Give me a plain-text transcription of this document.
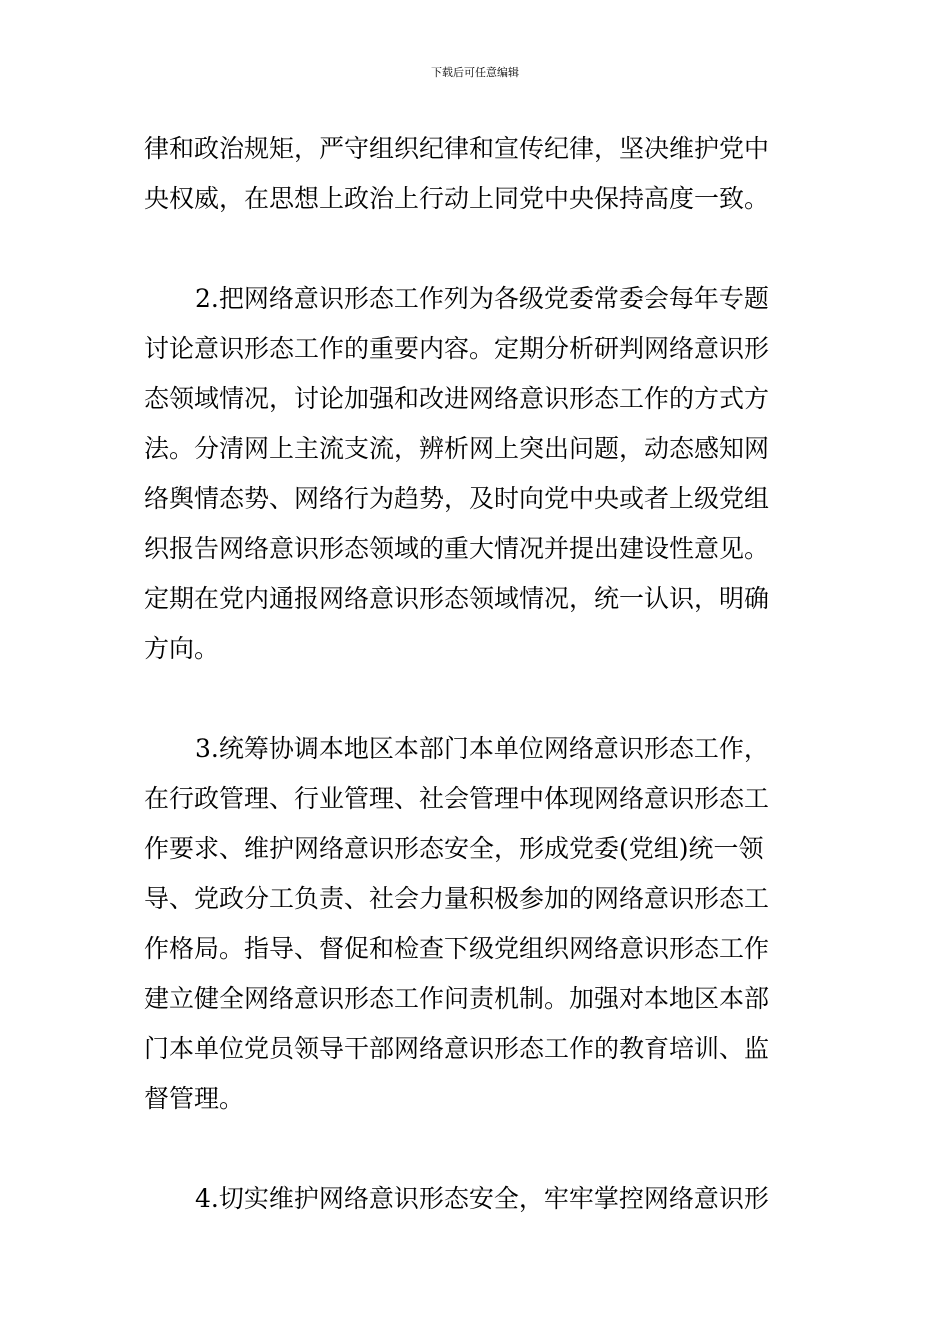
下载后可任意编辑
律和政治规矩，严守组织纪律和宣传纪律，坚决维护党中
央权威，在思想上政治上行动上同党中央保持高度一致。
2.把网络意识形态工作列为各级党委常委会每年专题
讨论意识形态工作的重要内容。定期分析研判网络意识形
态领域情况，讨论加强和改进网络意识形态工作的方式方
法。分清网上主流支流，辨析网上突出问题，动态感知网
络舆情态势、网络行为趋势，及时向党中央或者上级党组
织报告网络意识形态领域的重大情况并提出建设性意见。
定期在党内通报网络意识形态领域情况，统一认识，明确
方向。
3.统筹协调本地区本部门本单位网络意识形态工作，
在行政管理、行业管理、社会管理中体现网络意识形态工
作要求、维护网络意识形态安全，形成党委(党组)统一领
导、党政分工负责、社会力量积极参加的网络意识形态工
作格局。指导、督促和检查下级党组织网络意识形态工作
建立健全网络意识形态工作问责机制。加强对本地区本部
门本单位党员领导干部网络意识形态工作的教育培训、监
督管理。
4.切实维护网络意识形态安全，牢牢掌控网络意识形
